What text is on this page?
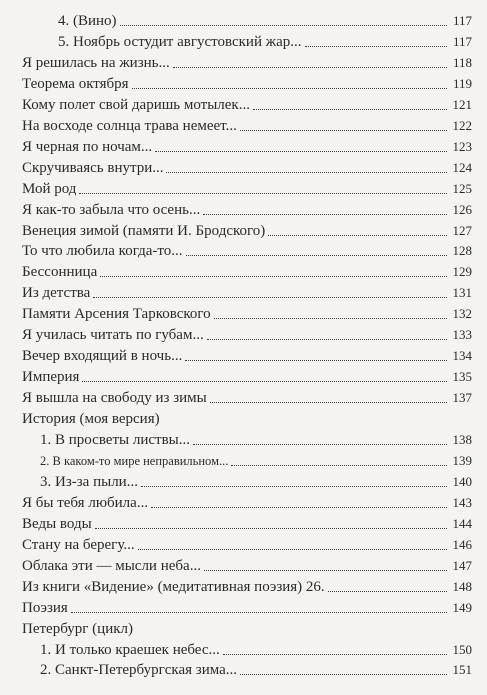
4. (Вино)	117
5. Ноябрь остудит августовский жар...	117
Я решилась на жизнь...	118
Теорема октября	119
Кому полет свой даришь мотылек...	121
На восходе солнца трава немеет...	122
Я черная по ночам...	123
Скручиваясь внутри...	124
Мой род	125
Я как-то забыла что осень...	126
Венеция зимой (памяти И. Бродского)	127
То что любила когда-то...	128
Бессонница	129
Из детства	131
Памяти Арсения Тарковского	132
Я училась читать по губам...	133
Вечер входящий в ночь...	134
Империя	135
Я вышла на свободу из зимы	137
История (моя версия)
1. В просветы листвы...	138
2. В каком-то мире неправильном...	139
3. Из-за пыли...	140
Я бы тебя любила...	143
Веды воды	144
Стану на берегу...	146
Облака эти — мысли неба...	147
Из книги «Видение» (медитативная поэзия) 26.	148
Поэзия	149
Петербург (цикл)
1. И только краешек небес...	150
2. Санкт-Петербургская зима...	151
